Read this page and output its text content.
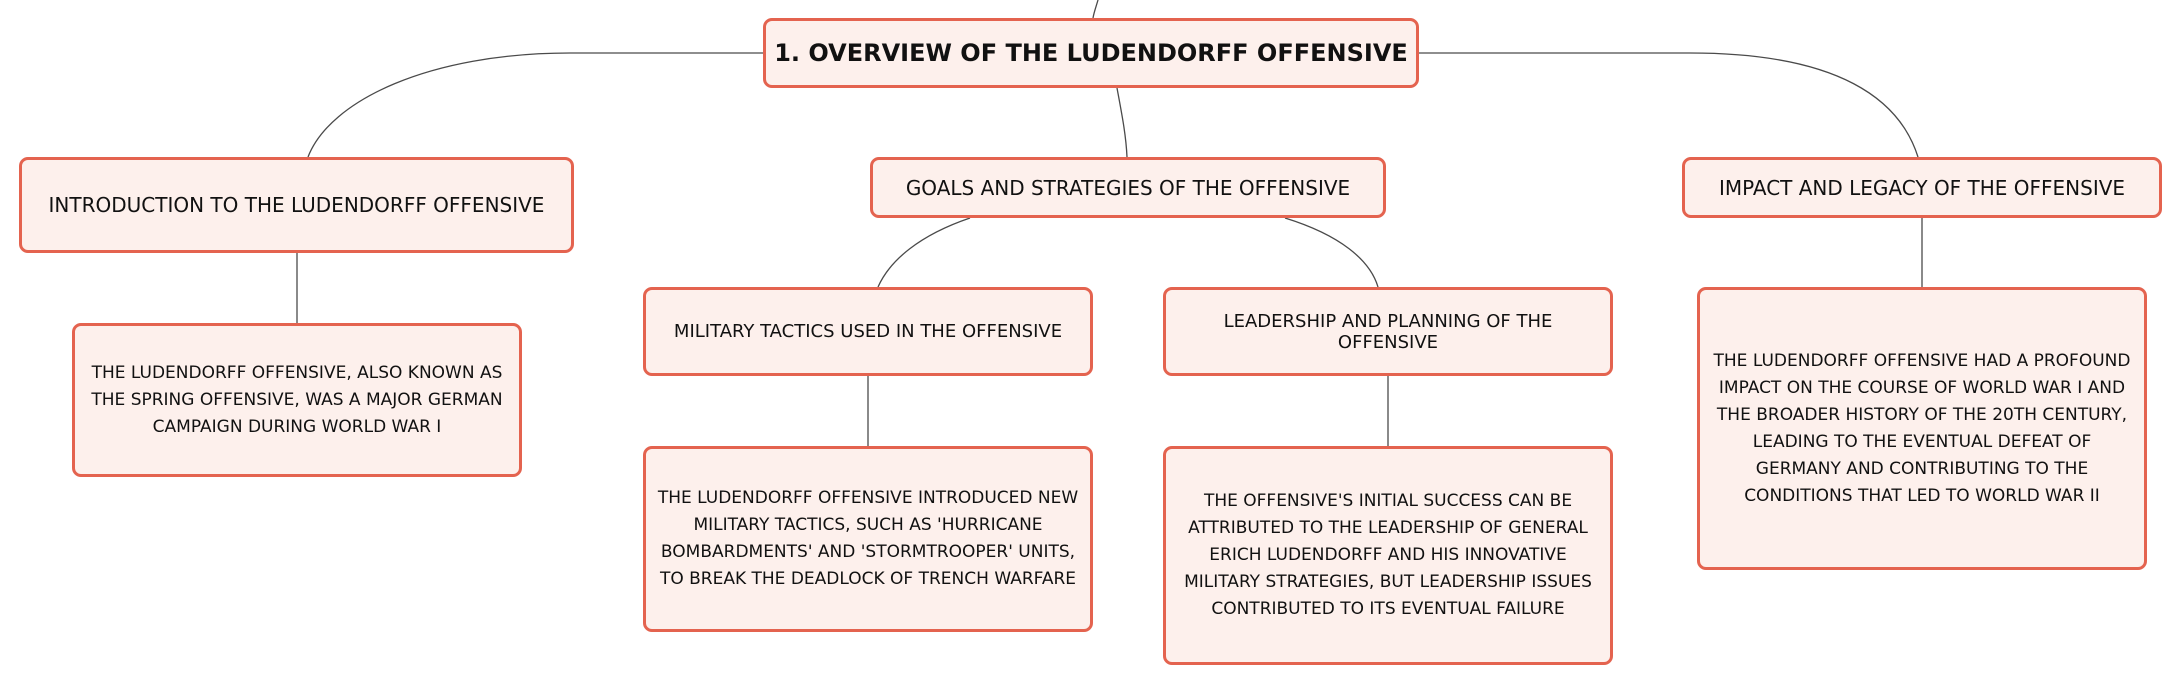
1. OVERVIEW OF THE LUDENDORFF OFFENSIVE
INTRODUCTION TO THE LUDENDORFF OFFENSIVE
GOALS AND STRATEGIES OF THE OFFENSIVE	IMPACT AND LEGACY OF THE OFFENSIVE
MILITARY TACTICS USED IN THE OFFENSIVE	LEADERSHIP AND PLANNING OF THE OFFENSIVE
THE LUDENDORFF OFFENSIVE, ALSO KNOWN AS THE SPRING OFFENSIVE, WAS A MAJOR GERMAN CAMPAIGN DURING WORLD WAR I
THE LUDENDORFF OFFENSIVE INTRODUCED NEW MILITARY TACTICS, SUCH AS 'HURRICANE BOMBARDMENTS' AND 'STORMTROOPER' UNITS, TO BREAK THE DEADLOCK OF TRENCH WARFARE
THE OFFENSIVE'S INITIAL SUCCESS CAN BE ATTRIBUTED TO THE LEADERSHIP OF GENERAL ERICH LUDENDORFF AND HIS INNOVATIVE MILITARY STRATEGIES, BUT LEADERSHIP ISSUES CONTRIBUTED TO ITS EVENTUAL FAILURE
THE LUDENDORFF OFFENSIVE HAD A PROFOUND IMPACT ON THE COURSE OF WORLD WAR I AND THE BROADER HISTORY OF THE 20TH CENTURY, LEADING TO THE EVENTUAL DEFEAT OF GERMANY AND CONTRIBUTING TO THE CONDITIONS THAT LED TO WORLD WAR II
